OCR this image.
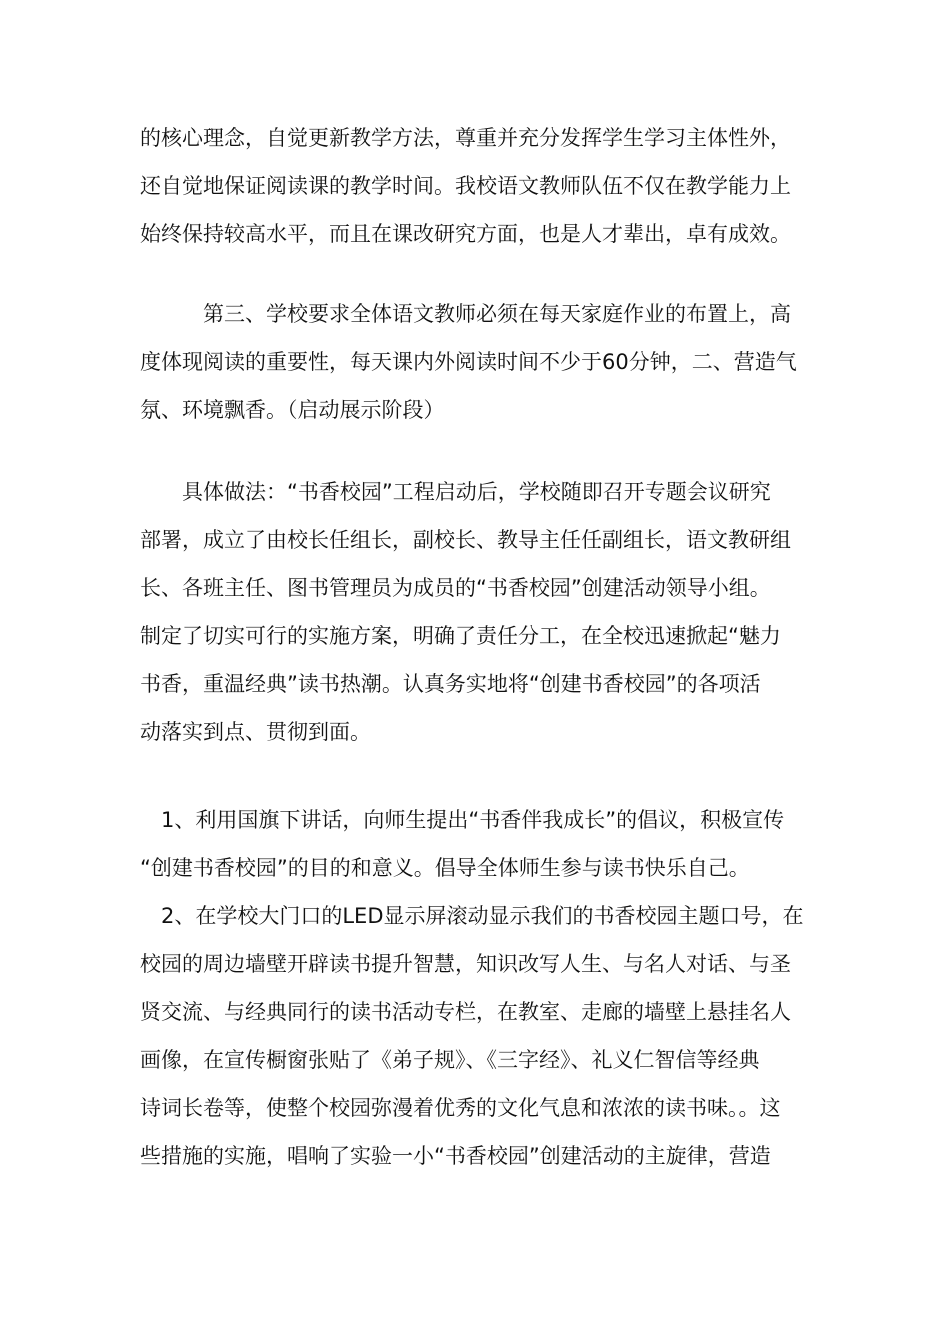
的核心理念，自觉更新教学方法，尊重并充分发挥学生学习主体性外，
还自觉地保证阅读课的教学时间。我校语文教师队伍不仅在教学能力上
始终保持较高水平，而且在课改研究方面，也是人才辈出，卓有成效。
　　　第三、学校要求全体语文教师必须在每天家庭作业的布置上，高
度体现阅读的重要性，每天课内外阅读时间不少于60分钟，二、营造气
氛、环境飘香。（启动展示阶段）
　　具体做法：“书香校园”工程启动后，学校随即召开专题会议研究
部署，成立了由校长任组长，副校长、教导主任任副组长，语文教研组
长、各班主任、图书管理员为成员的“书香校园”创建活动领导小组。
制定了切实可行的实施方案，明确了责任分工，在全校迅速掀起“魅力
书香，重温经典”读书热潮。认真务实地将“创建书香校园”的各项活
动落实到点、贯彻到面。
　1、利用国旗下讲话，向师生提出“书香伴我成长”的倡议，积极宣传
“创建书香校园”的目的和意义。倡导全体师生参与读书快乐自己。
　2、在学校大门口的LED显示屏滚动显示我们的书香校园主题口号，在
校园的周边墙壁开辟读书提升智慧，知识改写人生、与名人对话、与圣
贤交流、与经典同行的读书活动专栏，在教室、走廊的墙壁上悬挂名人
画像，在宣传橱窗张贴了《弟子规》、《三字经》、礼义仁智信等经典
诗词长卷等，使整个校园弥漫着优秀的文化气息和浓浓的读书味。。这
些措施的实施，唱响了实验一小“书香校园”创建活动的主旋律，营造
